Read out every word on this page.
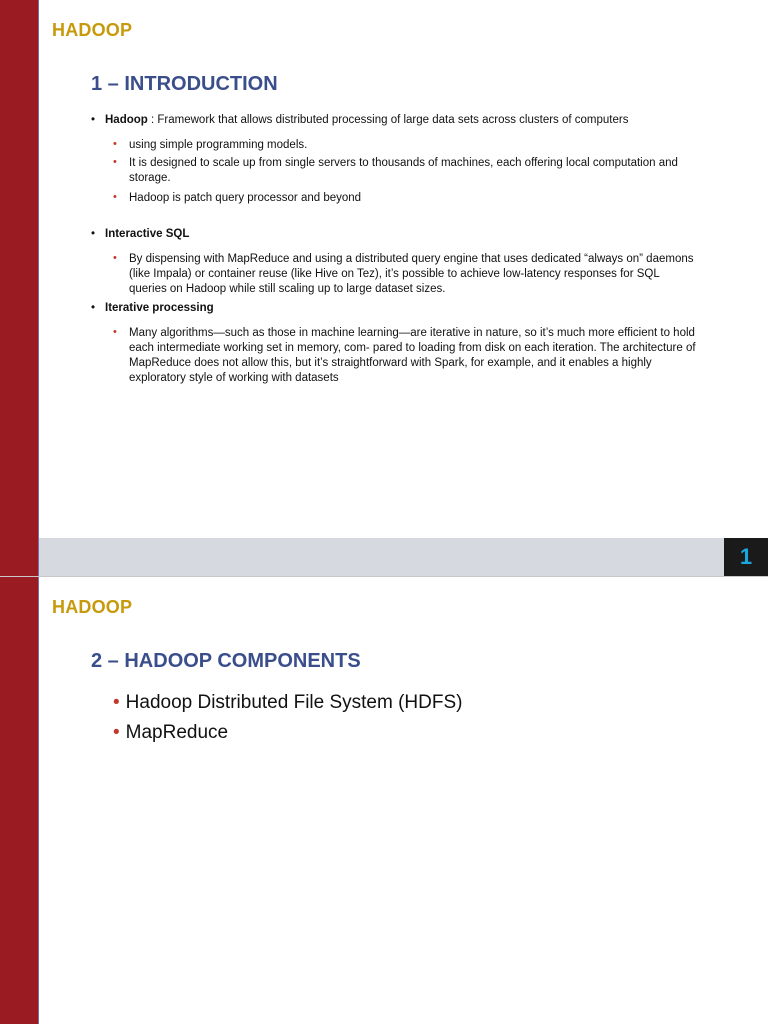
HADOOP
1 – INTRODUCTION
• Hadoop : Framework that allows distributed processing of large data sets across clusters of computers
• using simple programming models.
• It is designed to scale up from single servers to thousands of machines, each offering local computation and storage.
• Hadoop is patch query processor and beyond
• Interactive SQL
• By dispensing with MapReduce and using a distributed query engine that uses dedicated “always on” daemons (like Impala) or container reuse (like Hive on Tez), it’s possible to achieve low-latency responses for SQL queries on Hadoop while still scaling up to large dataset sizes.
• Iterative processing
• Many algorithms—such as those in machine learning—are iterative in nature, so it’s much more efficient to hold each intermediate working set in memory, com- pared to loading from disk on each iteration. The architecture of MapReduce does not allow this, but it’s straightforward with Spark, for example, and it enables a highly exploratory style of working with datasets
1
HADOOP
2 – HADOOP COMPONENTS
• Hadoop Distributed File System (HDFS)
• MapReduce
